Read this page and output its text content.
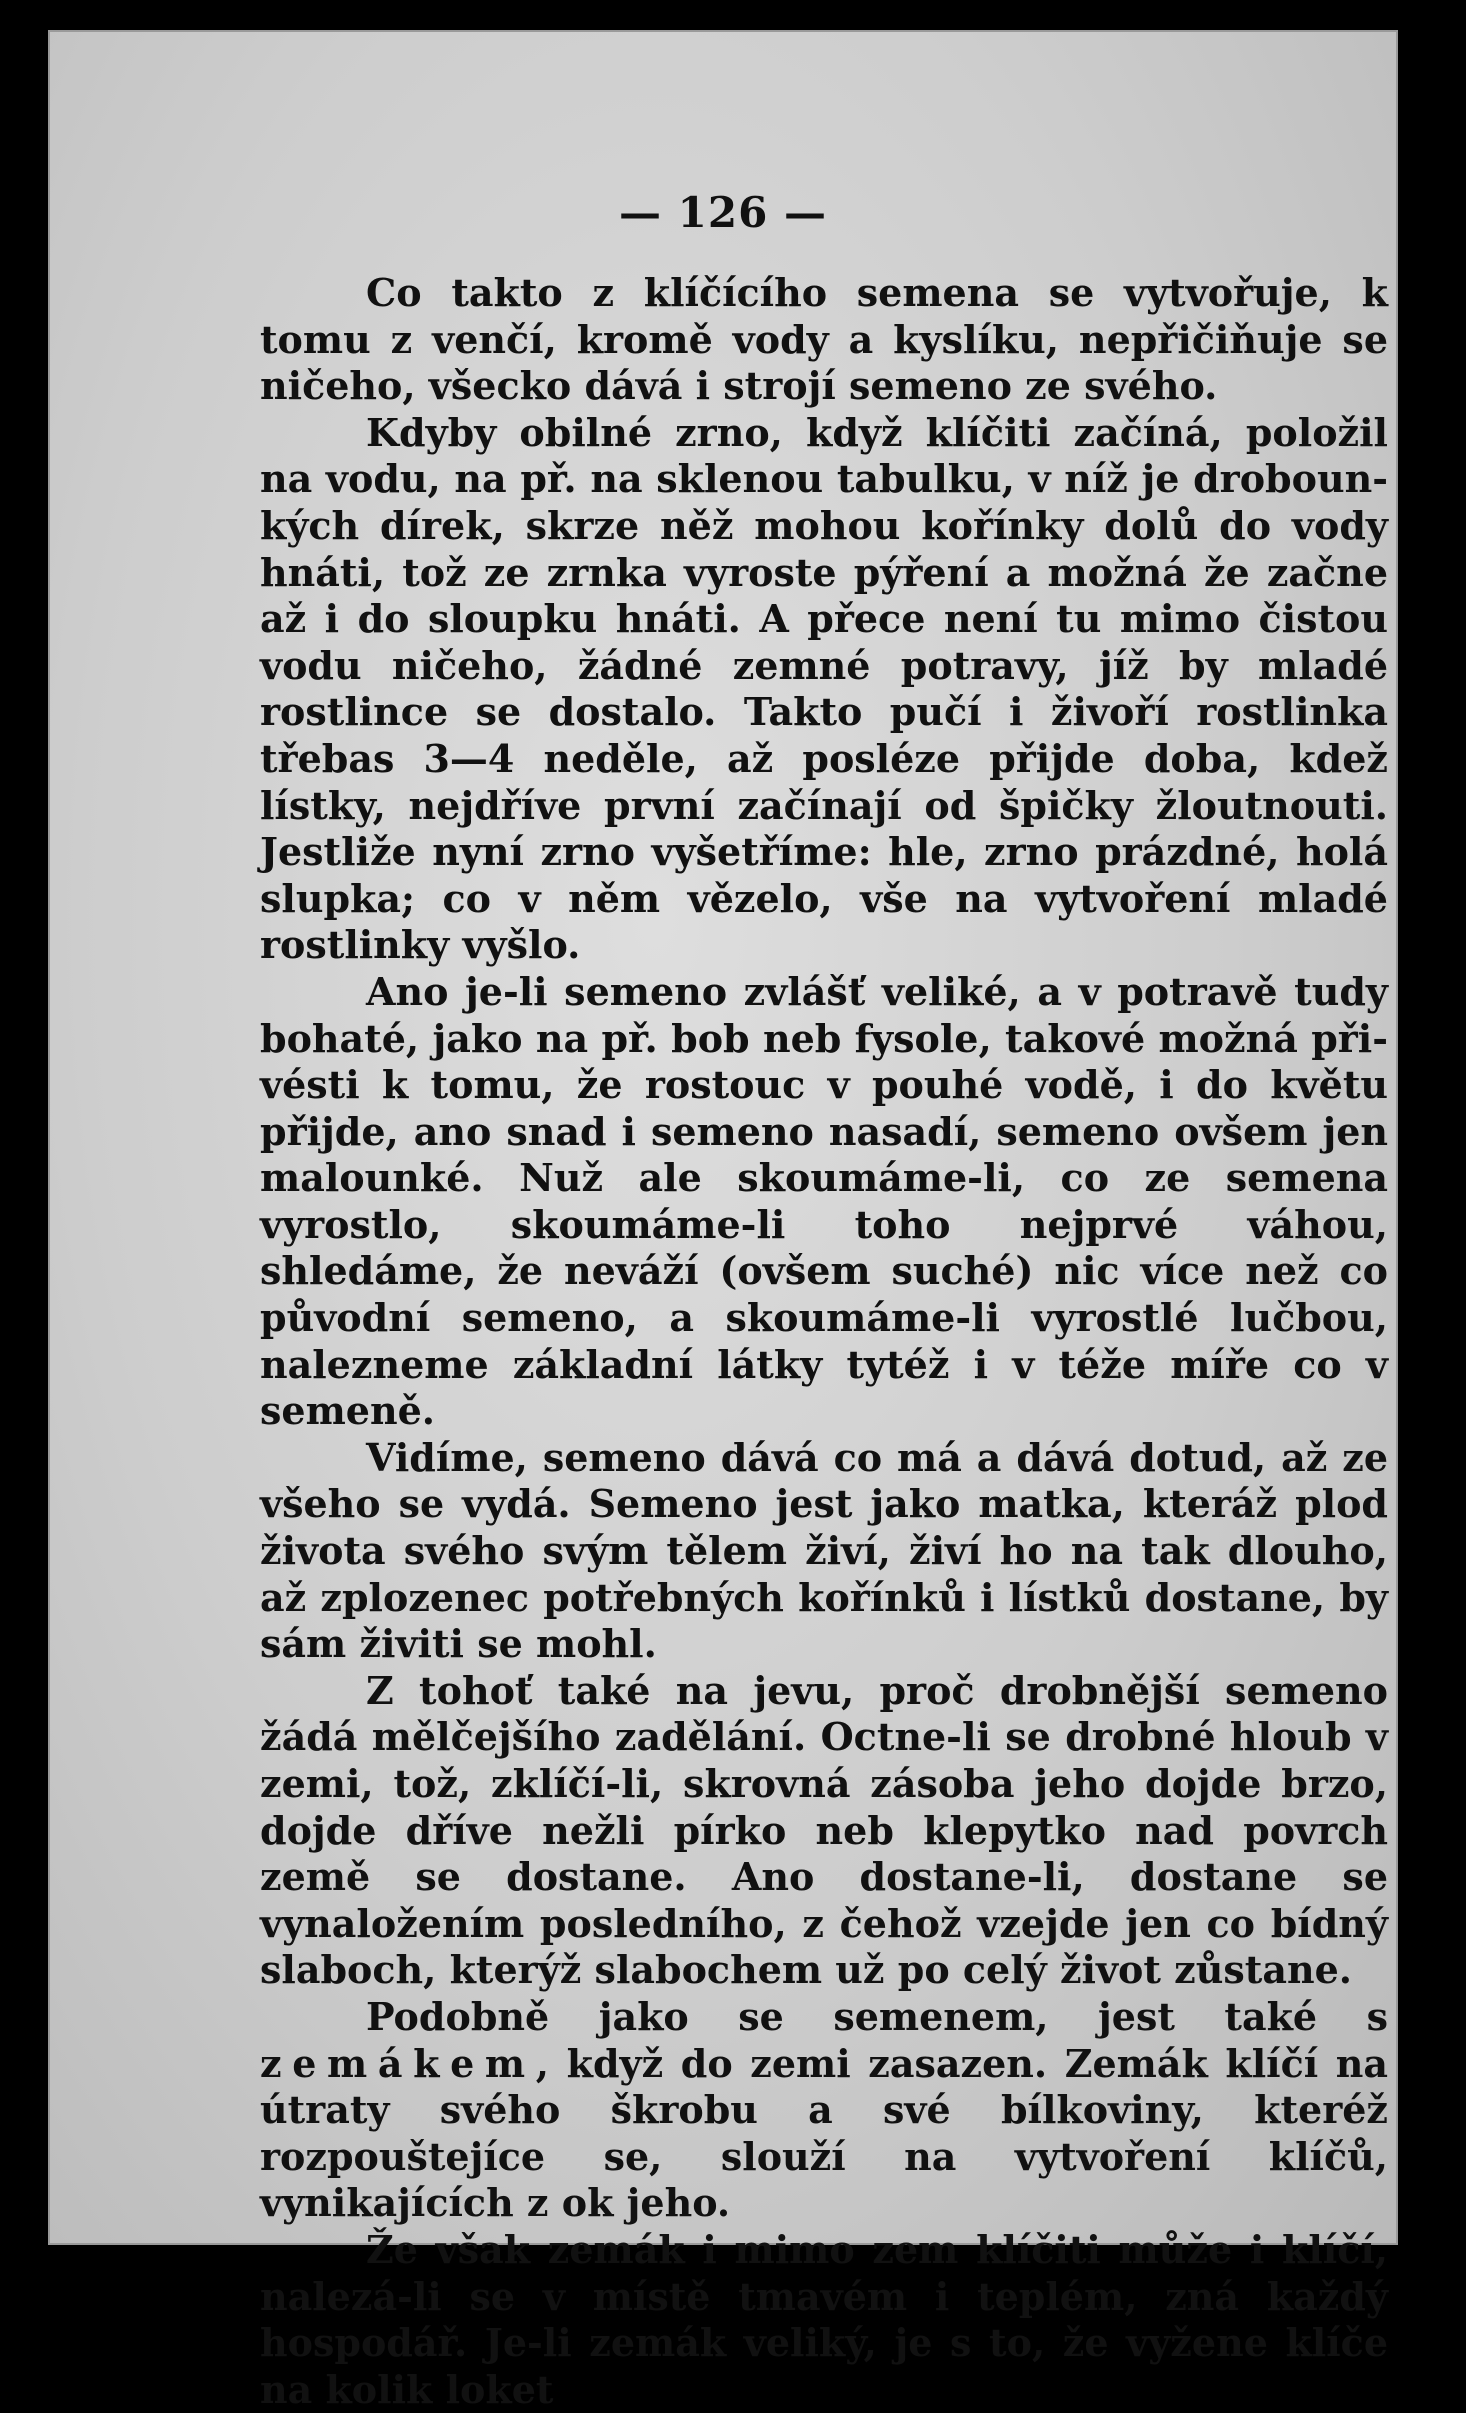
— 126 —

Co takto z klíčícího semena se vytvořuje, k tomu z venčí, kromě vody a kyslíku, nepřičiňuje se ničeho, všecko dává i strojí semeno ze svého.

Kdyby obilné zrno, když klíčiti začíná, položil na vodu, na př. na sklenou tabulku, v níž je drobounkých dírek, skrze něž mohou kořínky dolů do vody hnáti, tož ze zrnka vyroste pýření a možná že začne až i do sloupku hnáti. A přece není tu mimo čistou vodu ničeho, žádné zemné potravy, jíž by mladé rostlince se dostalo. Takto pučí i živoří rostlinka třebas 3—4 neděle, až posléze přijde doba, kdež lístky, nejdříve první začínají od špičky žloutnouti. Jestliže nyní zrno vyšetříme: hle, zrno prázdné, holá slupka; co v něm vězelo, vše na vytvoření mladé rostlinky vyšlo.

Ano je-li semeno zvlášť veliké, a v potravě tudy bohaté, jako na př. bob neb fysole, takové možná přivésti k tomu, že rostouc v pouhé vodě, i do květu přijde, ano snad i semeno nasadí, semeno ovšem jen malounké. Nuž ale skoumáme-li, co ze semena vyrostlo, skoumáme-li toho nejprvé váhou, shledáme, že neváží (ovšem suché) nic více než co původní semeno, a skoumáme-li vyrostlé lučbou, nalezneme základní látky tytéž i v téže míře co v semeně.

Vidíme, semeno dává co má a dává dotud, až ze všeho se vydá. Semeno jest jako matka, kteráž plod života svého svým tělem živí, živí ho na tak dlouho, až zplozenec potřebných kořínků i lístků dostane, by sám živiti se mohl.

Z tohoť také na jevu, proč drobnější semeno žádá mělčejšího zadělání. Octne-li se drobné hloub v zemi, tož, zklíčí-li, skrovná zásoba jeho dojde brzo, dojde dříve nežli pírko neb klepytko nad povrch země se dostane. Ano dostane-li, dostane se vynaložením posledního, z čehož vzejde jen co bídný slaboch, kterýž slabochem už po celý život zůstane.

Podobně jako se semenem, jest také s zemákem, když do zemi zasazen. Zemák klíčí na útraty svého škrobu a své bílkoviny, kteréž rozpouštejíce se, slouží na vytvoření klíčů, vynikajících z ok jeho.

Že však zemák i mimo zem klíčiti může i klíčí, nalezá-li se v místě tmavém i teplém, zná každý hospodář. Je-li zemák veliký, je s to, že vyžene klíče na kolik loket
